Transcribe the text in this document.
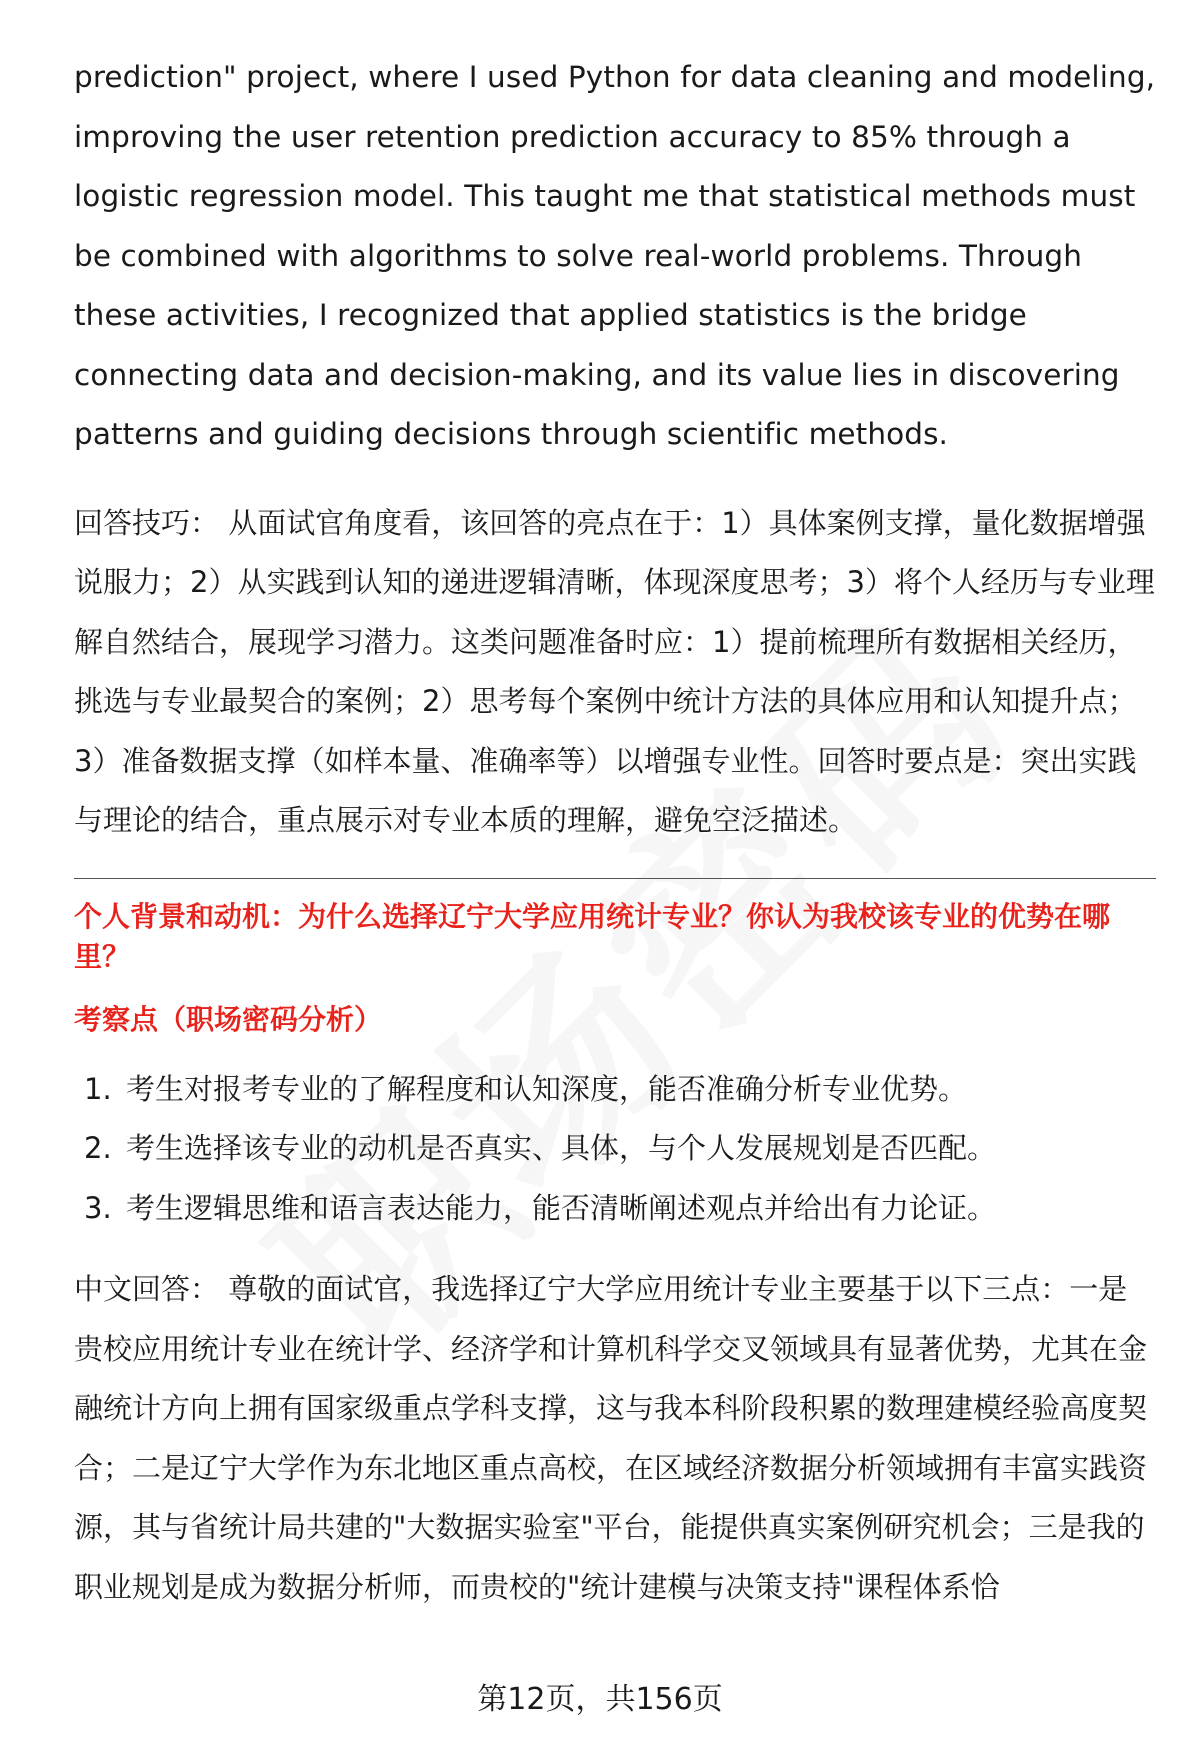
prediction" project, where I used Python for data cleaning and modeling, improving the user retention prediction accuracy to 85% through a logistic regression model. This taught me that statistical methods must be combined with algorithms to solve real-world problems. Through these activities, I recognized that applied statistics is the bridge connecting data and decision-making, and its value lies in discovering patterns and guiding decisions through scientific methods.

回答技巧： 从面试官角度看，该回答的亮点在于：1）具体案例支撑，量化数据增强说服力；2）从实践到认知的递进逻辑清晰，体现深度思考；3）将个人经历与专业理解自然结合，展现学习潜力。这类问题准备时应：1）提前梳理所有数据相关经历，挑选与专业最契合的案例；2）思考每个案例中统计方法的具体应用和认知提升点；3）准备数据支撑（如样本量、准确率等）以增强专业性。回答时要点是：突出实践与理论的结合，重点展示对专业本质的理解，避免空泛描述。

个人背景和动机：为什么选择辽宁大学应用统计专业？你认为我校该专业的优势在哪里？

考察点（职场密码分析）

1. 考生对报考专业的了解程度和认知深度，能否准确分析专业优势。
2. 考生选择该专业的动机是否真实、具体，与个人发展规划是否匹配。
3. 考生逻辑思维和语言表达能力，能否清晰阐述观点并给出有力论证。

中文回答： 尊敬的面试官，我选择辽宁大学应用统计专业主要基于以下三点：一是贵校应用统计专业在统计学、经济学和计算机科学交叉领域具有显著优势，尤其在金融统计方向上拥有国家级重点学科支撑，这与我本科阶段积累的数理建模经验高度契合；二是辽宁大学作为东北地区重点高校，在区域经济数据分析领域拥有丰富实践资源，其与省统计局共建的"大数据实验室"平台，能提供真实案例研究机会；三是我的职业规划是成为数据分析师，而贵校的"统计建模与决策支持"课程体系恰

第12页，共156页
